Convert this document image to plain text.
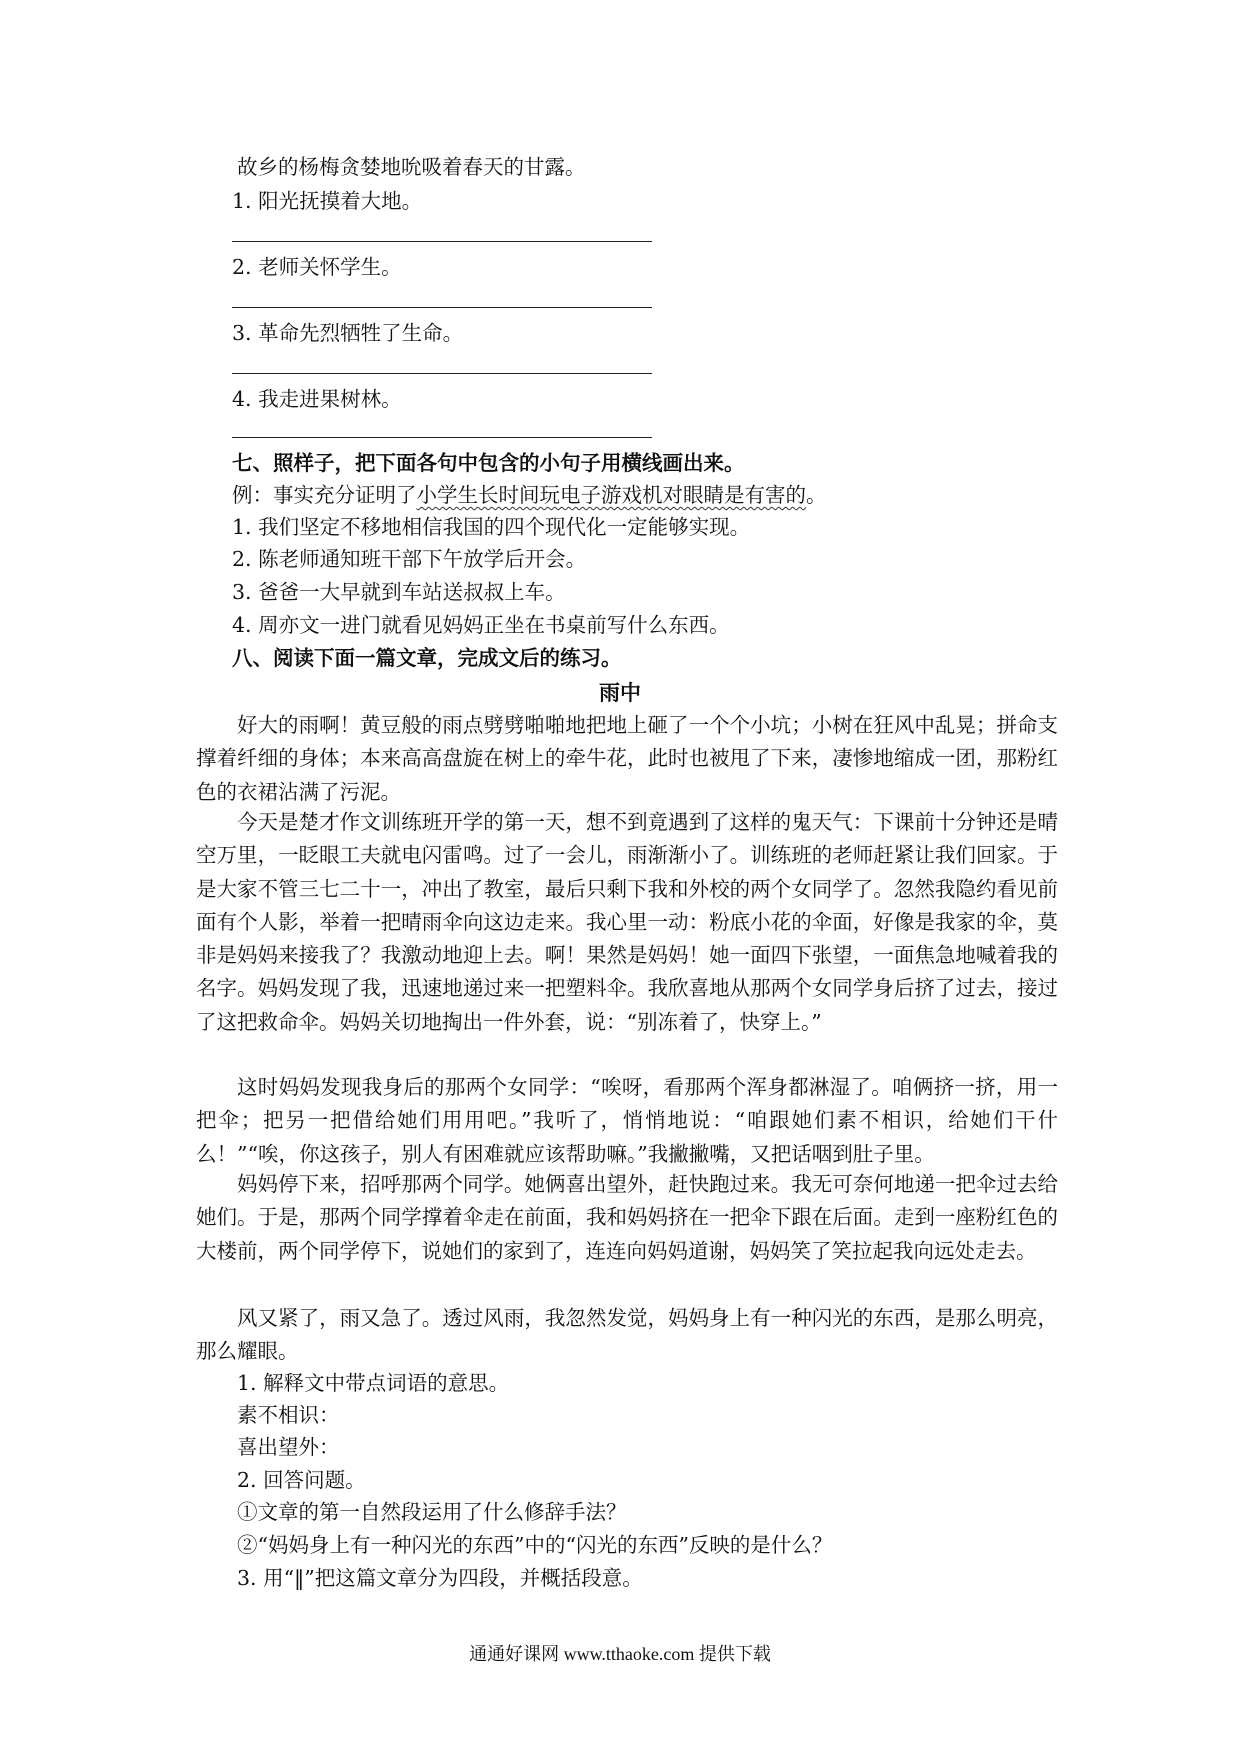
故乡的杨梅贪婪地吮吸着春天的甘露。
1. 阳光抚摸着大地。
2. 老师关怀学生。
3. 革命先烈牺牲了生命。
4. 我走进果树林。
七、照样子，把下面各句中包含的小句子用横线画出来。
例：事实充分证明了小学生长时间玩电子游戏机对眼睛是有害的。
1. 我们坚定不移地相信我国的四个现代化一定能够实现。
2. 陈老师通知班干部下午放学后开会。
3. 爸爸一大早就到车站送叔叔上车。
4. 周亦文一进门就看见妈妈正坐在书桌前写什么东西。
八、阅读下面一篇文章，完成文后的练习。
雨中
好大的雨啊！黄豆般的雨点劈劈啪啪地把地上砸了一个个小坑；小树在狂风中乱晃；拼命支撑着纤细的身体；本来高高盘旋在树上的牵牛花，此时也被甩了下来，凄惨地缩成一团，那粉红色的衣裙沾满了污泥。
今天是楚才作文训练班开学的第一天，想不到竟遇到了这样的鬼天气：下课前十分钟还是晴空万里，一眨眼工夫就电闪雷鸣。过了一会儿，雨渐渐小了。训练班的老师赶紧让我们回家。于是大家不管三七二十一，冲出了教室，最后只剩下我和外校的两个女同学了。忽然我隐约看见前面有个人影，举着一把晴雨伞向这边走来。我心里一动：粉底小花的伞面，好像是我家的伞，莫非是妈妈来接我了？我激动地迎上去。啊！果然是妈妈！她一面四下张望，一面焦急地喊着我的名字。妈妈发现了我，迅速地递过来一把塑料伞。我欣喜地从那两个女同学身后挤了过去，接过了这把救命伞。妈妈关切地掏出一件外套，说：“别冻着了，快穿上。”
这时妈妈发现我身后的那两个女同学：“唉呀，看那两个浑身都淋湿了。咱俩挤一挤，用一把伞；把另一把借给她们用用吧。”我听了，悄悄地说：“咱跟她们素不相识，给她们干什么！”“唉，你这孩子，别人有困难就应该帮助嘛。”我撇撇嘴，又把话咽到肚子里。
妈妈停下来，招呼那两个同学。她俩喜出望外，赶快跑过来。我无可奈何地递一把伞过去给她们。于是，那两个同学撑着伞走在前面，我和妈妈挤在一把伞下跟在后面。走到一座粉红色的大楼前，两个同学停下，说她们的家到了，连连向妈妈道谢，妈妈笑了笑拉起我向远处走去。
风又紧了，雨又急了。透过风雨，我忽然发觉，妈妈身上有一种闪光的东西，是那么明亮，那么耀眼。
1. 解释文中带点词语的意思。
素不相识：
喜出望外：
2. 回答问题。
①文章的第一自然段运用了什么修辞手法？
②“妈妈身上有一种闪光的东西”中的“闪光的东西”反映的是什么？
3. 用“‖”把这篇文章分为四段，并概括段意。
通通好课网 www.tthaoke.com 提供下载
